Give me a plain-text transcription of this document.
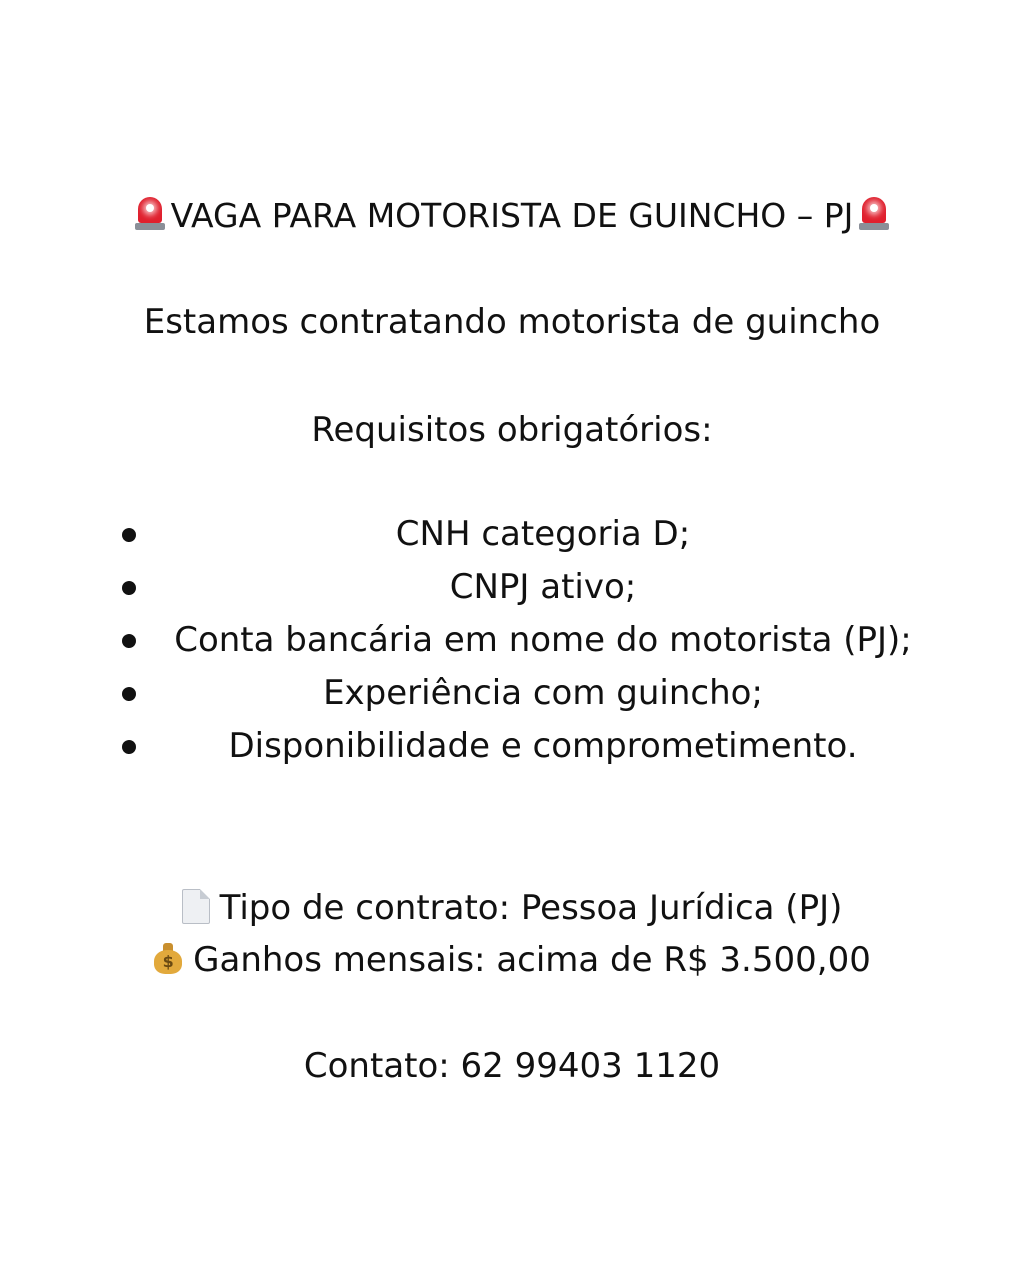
VAGA PARA MOTORISTA DE GUINCHO – PJ
Estamos contratando motorista de guincho
Requisitos obrigatórios:
CNH categoria D;
CNPJ ativo;
Conta bancária em nome do motorista (PJ);
Experiência com guincho;
Disponibilidade e comprometimento.
Tipo de contrato: Pessoa Jurídica (PJ)
$ Ganhos mensais: acima de R$ 3.500,00
Contato: 62 99403 1120
